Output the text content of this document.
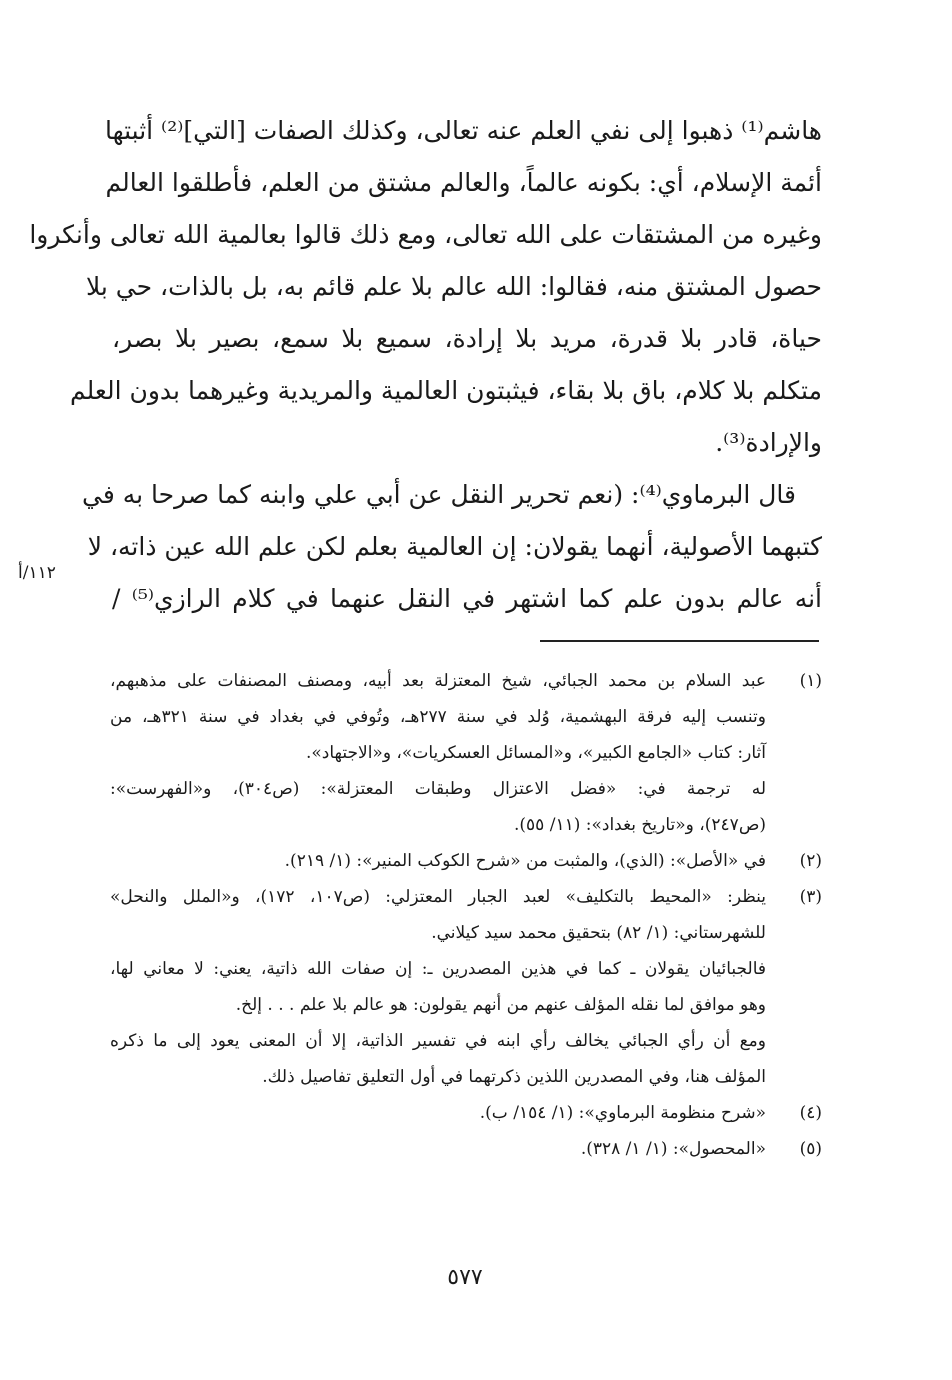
هاشم⁽¹⁾ ذهبوا إلى نفي العلم عنه تعالى، وكذلك الصفات [التي]⁽²⁾ أثبتها
أئمة الإسلام، أي: بكونه عالماً، والعالم مشتق من العلم، فأطلقوا العالم
وغيره من المشتقات على الله تعالى، ومع ذلك قالوا بعالمية الله تعالى وأنكروا
حصول المشتق منه، فقالوا: الله عالم بلا علم قائم به، بل بالذات، حي بلا
حياة، قادر بلا قدرة، مريد بلا إرادة، سميع بلا سمع، بصير بلا بصر،
متكلم بلا كلام، باق بلا بقاء، فيثبتون العالمية والمريدية وغيرهما بدون العلم
والإرادة⁽³⁾.
قال البرماوي⁽⁴⁾: (نعم تحرير النقل عن أبي علي وابنه كما صرحا به في
كتبهما الأصولية، أنهما يقولان: إن العالمية بعلم لكن علم الله عين ذاته، لا
أنه عالم بدون علم كما اشتهر في النقل عنهما في كلام الرازي⁽⁵⁾ /
١١٢/أ
(١)
عبد السلام بن محمد الجبائي، شيخ المعتزلة بعد أبيه، ومصنف المصنفات على مذهبهم،
وتنسب إليه فرقة البهشمية، وُلد في سنة ٢٧٧هـ، وتُوفي في بغداد في سنة ٣٢١هـ، من
آثار: كتاب «الجامع الكبير»، و«المسائل العسكريات»، و«الاجتهاد».
له ترجمة في: «فضل الاعتزال وطبقات المعتزلة»: (ص٣٠٤)، و«الفهرست»:
(ص٢٤٧)، و«تاريخ بغداد»: (١١/ ٥٥).
(٢)
في «الأصل»: (الذي)، والمثبت من «شرح الكوكب المنير»: (١/ ٢١٩).
(٣)
ينظر: «المحيط بالتكليف» لعبد الجبار المعتزلي: (ص١٠٧، ١٧٢)، و«الملل والنحل»
للشهرستاني: (١/ ٨٢) بتحقيق محمد سيد كيلاني.
فالجبائيان يقولان ـ كما في هذين المصدرين ـ: إن صفات الله ذاتية، يعني: لا معاني لها،
وهو موافق لما نقله المؤلف عنهم من أنهم يقولون: هو عالم بلا علم . . . إلخ.
ومع أن رأي الجبائي يخالف رأي ابنه في تفسير الذاتية، إلا أن المعنى يعود إلى ما ذكره
المؤلف هنا، وفي المصدرين اللذين ذكرتهما في أول التعليق تفاصيل ذلك.
(٤)
«شرح منظومة البرماوي»: (١/ ١٥٤/ ب).
(٥)
«المحصول»: (١/ ١/ ٣٢٨).
٥٧٧
